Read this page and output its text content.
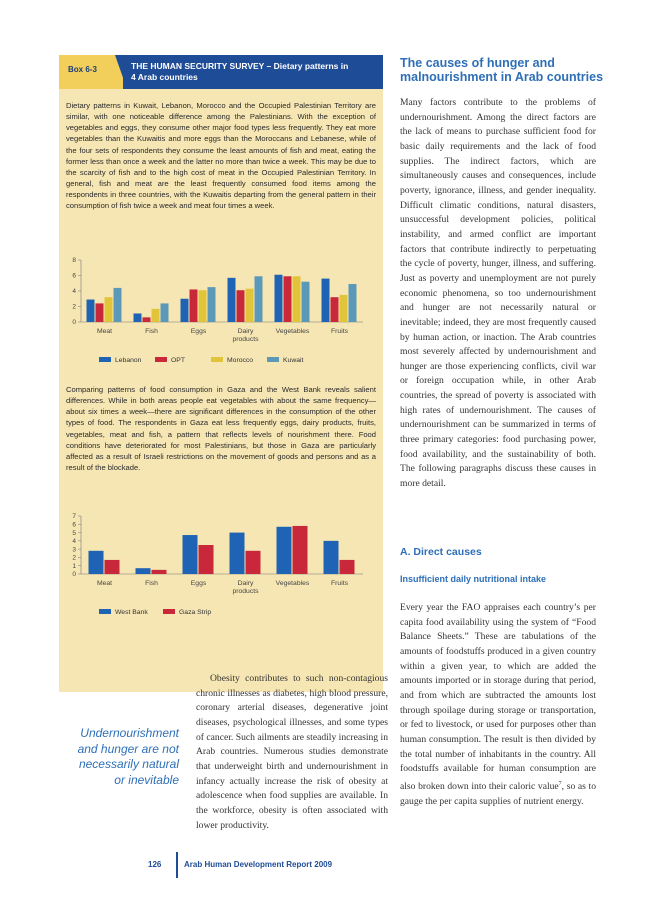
Box 6-3	THE HUMAN SECURITY SURVEY – Dietary patterns in
4 Arab countries
Dietary patterns in Kuwait, Lebanon, Morocco and the Occupied Palestinian Territory are similar, with one noticeable difference among the Palestinians. With the exception of vegetables and eggs, they consume other major food types less frequently. They eat more vegetables than the Kuwaitis and more eggs than the Moroccans and Lebanese, while of the four sets of respondents they consume the least amounts of fish and meat, eating the former less than once a week and the latter no more than twice a week. This may be due to the scarcity of fish and to the high cost of meat in the Occupied Palestinian Territory. In general, fish and meat are the least frequently consumed food items among the respondents in three countries, with the Kuwaitis departing from the general pattern in their consumption of fish twice a week and meat four times a week.
0
2
4
6
8
Meat	Fish	Eggs	Dairy products
Vegetables	Fruits
Lebanon	OPT	Morocco	Kuwait
Comparing patterns of food consumption in Gaza and the West Bank reveals salient differences. While in both areas people eat vegetables with about the same frequency—about six times a week—there are significant differences in the consumption of the other types of food. The respondents in Gaza eat less frequently eggs, dairy products, fruits, vegetables, meat and fish, a pattern that reflects levels of nourishment there. Food conditions have deteriorated for most Palestinians, but those in Gaza are particularly affected as a result of Israeli restrictions on the movement of goods and persons and as a result of the blockade.
0
1
2
3
4
5
6
7
Meat	Fish	Eggs	Dairy products
Vegetables	Fruits
West Bank	Gaza Strip
The causes of hunger and
malnourishment in Arab countries
Many factors contribute to the problems of undernourishment. Among the direct factors are the lack of means to purchase sufficient food for basic daily requirements and the lack of food supplies. The indirect factors, which are simultaneously causes and consequences, include poverty, ignorance, illness, and gender inequality. Difficult climatic conditions, natural disasters, unsuccessful development policies, political instability, and armed conflict are important factors that contribute indirectly to perpetuating the cycle of poverty, hunger, illness, and suffering. Just as poverty and unemployment are not purely economic phenomena, so too undernourishment and hunger are not necessarily natural or inevitable; indeed, they are most frequently caused by human action, or inaction. The Arab countries most severely affected by undernourishment and hunger are those experiencing conflicts, civil war or foreign occupation while, in other Arab countries, the spread of poverty is associated with high rates of undernourishment. The causes of undernourishment can be summarized in terms of three primary categories: food purchasing power, food availability, and the sustainability of both. The following paragraphs discuss these causes in more detail.
A. Direct causes
Insufficient daily nutritional intake
Every year the FAO appraises each country’s per capita food availability using the system of “Food Balance Sheets.” These are tabulations of the amounts of foodstuffs produced in a given country within a given year, to which are added the amounts imported or in storage during that period, and from which are subtracted the amounts lost through spoilage during storage or transportation, or fed to livestock, or used for purposes other than human consumption. The result is then divided by the total number of inhabitants in the country. All foodstuffs available for human consumption are also broken down into their caloric value$^7$, so as to gauge the per capita supplies of nutrient energy.
Obesity contributes to such non-contagious chronic illnesses as diabetes, high blood pressure, coronary arterial diseases, degenerative joint diseases, psychological illnesses, and some types of cancer. Such ailments are steadily increasing in Arab countries. Numerous studies demonstrate that underweight birth and undernourishment in infancy actually increase the risk of obesity at adolescence when food supplies are available. In the workforce, obesity is often associated with lower productivity.
Undernourishment
and hunger are not
necessarily natural
or inevitable
126	Arab Human Development Report 2009
